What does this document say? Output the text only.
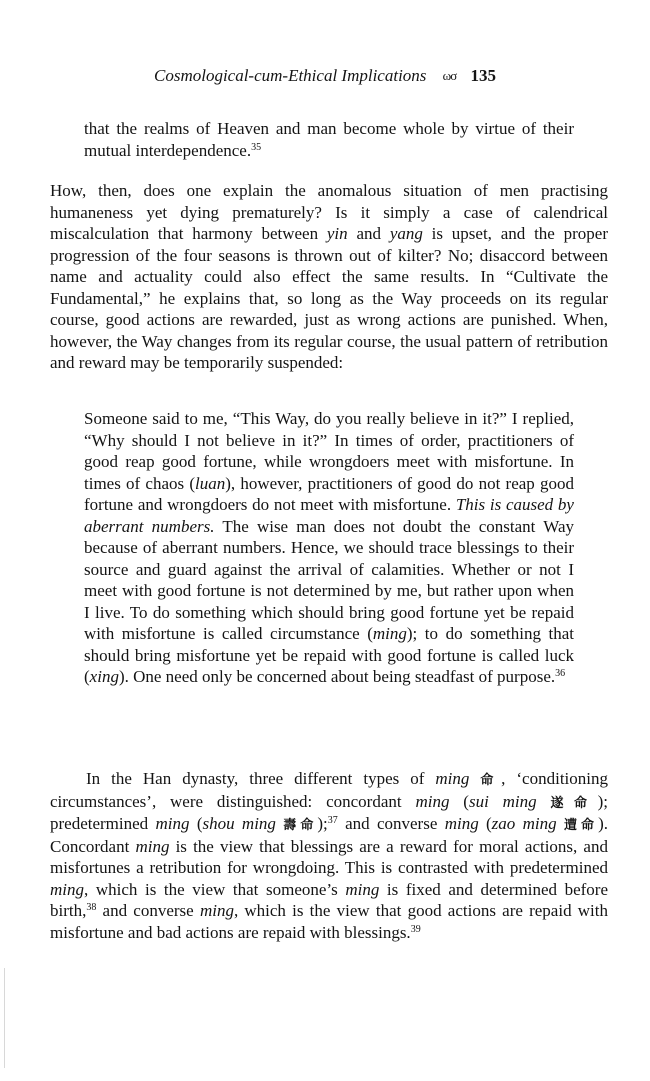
Cosmological-cum-Ethical Implications ωσ 135

that the realms of Heaven and man become whole by virtue of their mutual interdependence.$^{35}$

How, then, does one explain the anomalous situation of men practising humaneness yet dying prematurely? Is it simply a case of calendrical miscalculation that harmony between yin and yang is upset, and the proper progression of the four seasons is thrown out of kilter? No; disaccord between name and actuality could also effect the same results. In “Cultivate the Fundamental,” he explains that, so long as the Way proceeds on its regular course, good actions are rewarded, just as wrong actions are punished. When, however, the Way changes from its regular course, the usual pattern of retribution and reward may be temporarily suspended:

Someone said to me, “This Way, do you really believe in it?” I replied, “Why should I not believe in it?” In times of order, practitioners of good reap good fortune, while wrongdoers meet with misfortune. In times of chaos (luan), however, practitioners of good do not reap good fortune and wrongdoers do not meet with misfortune. This is caused by aberrant numbers. The wise man does not doubt the constant Way because of aberrant numbers. Hence, we should trace blessings to their source and guard against the arrival of calamities. Whether or not I meet with good fortune is not determined by me, but rather upon when I live. To do something which should bring good fortune yet be repaid with misfortune is called circumstance (ming); to do something that should bring misfortune yet be repaid with good fortune is called luck (xing). One need only be concerned about being steadfast of purpose.$^{36}$

In the Han dynasty, three different types of ming 命, ‘conditioning circumstances’, were distinguished: concordant ming (sui ming 遂命); predetermined ming (shou ming 壽命);$^{37}$ and converse ming (zao ming 遭命). Concordant ming is the view that blessings are a reward for moral actions, and misfortunes a retribution for wrongdoing. This is contrasted with predetermined ming, which is the view that someone’s ming is fixed and determined before birth,$^{38}$ and converse ming, which is the view that good actions are repaid with misfortune and bad actions are repaid with blessings.$^{39}$
